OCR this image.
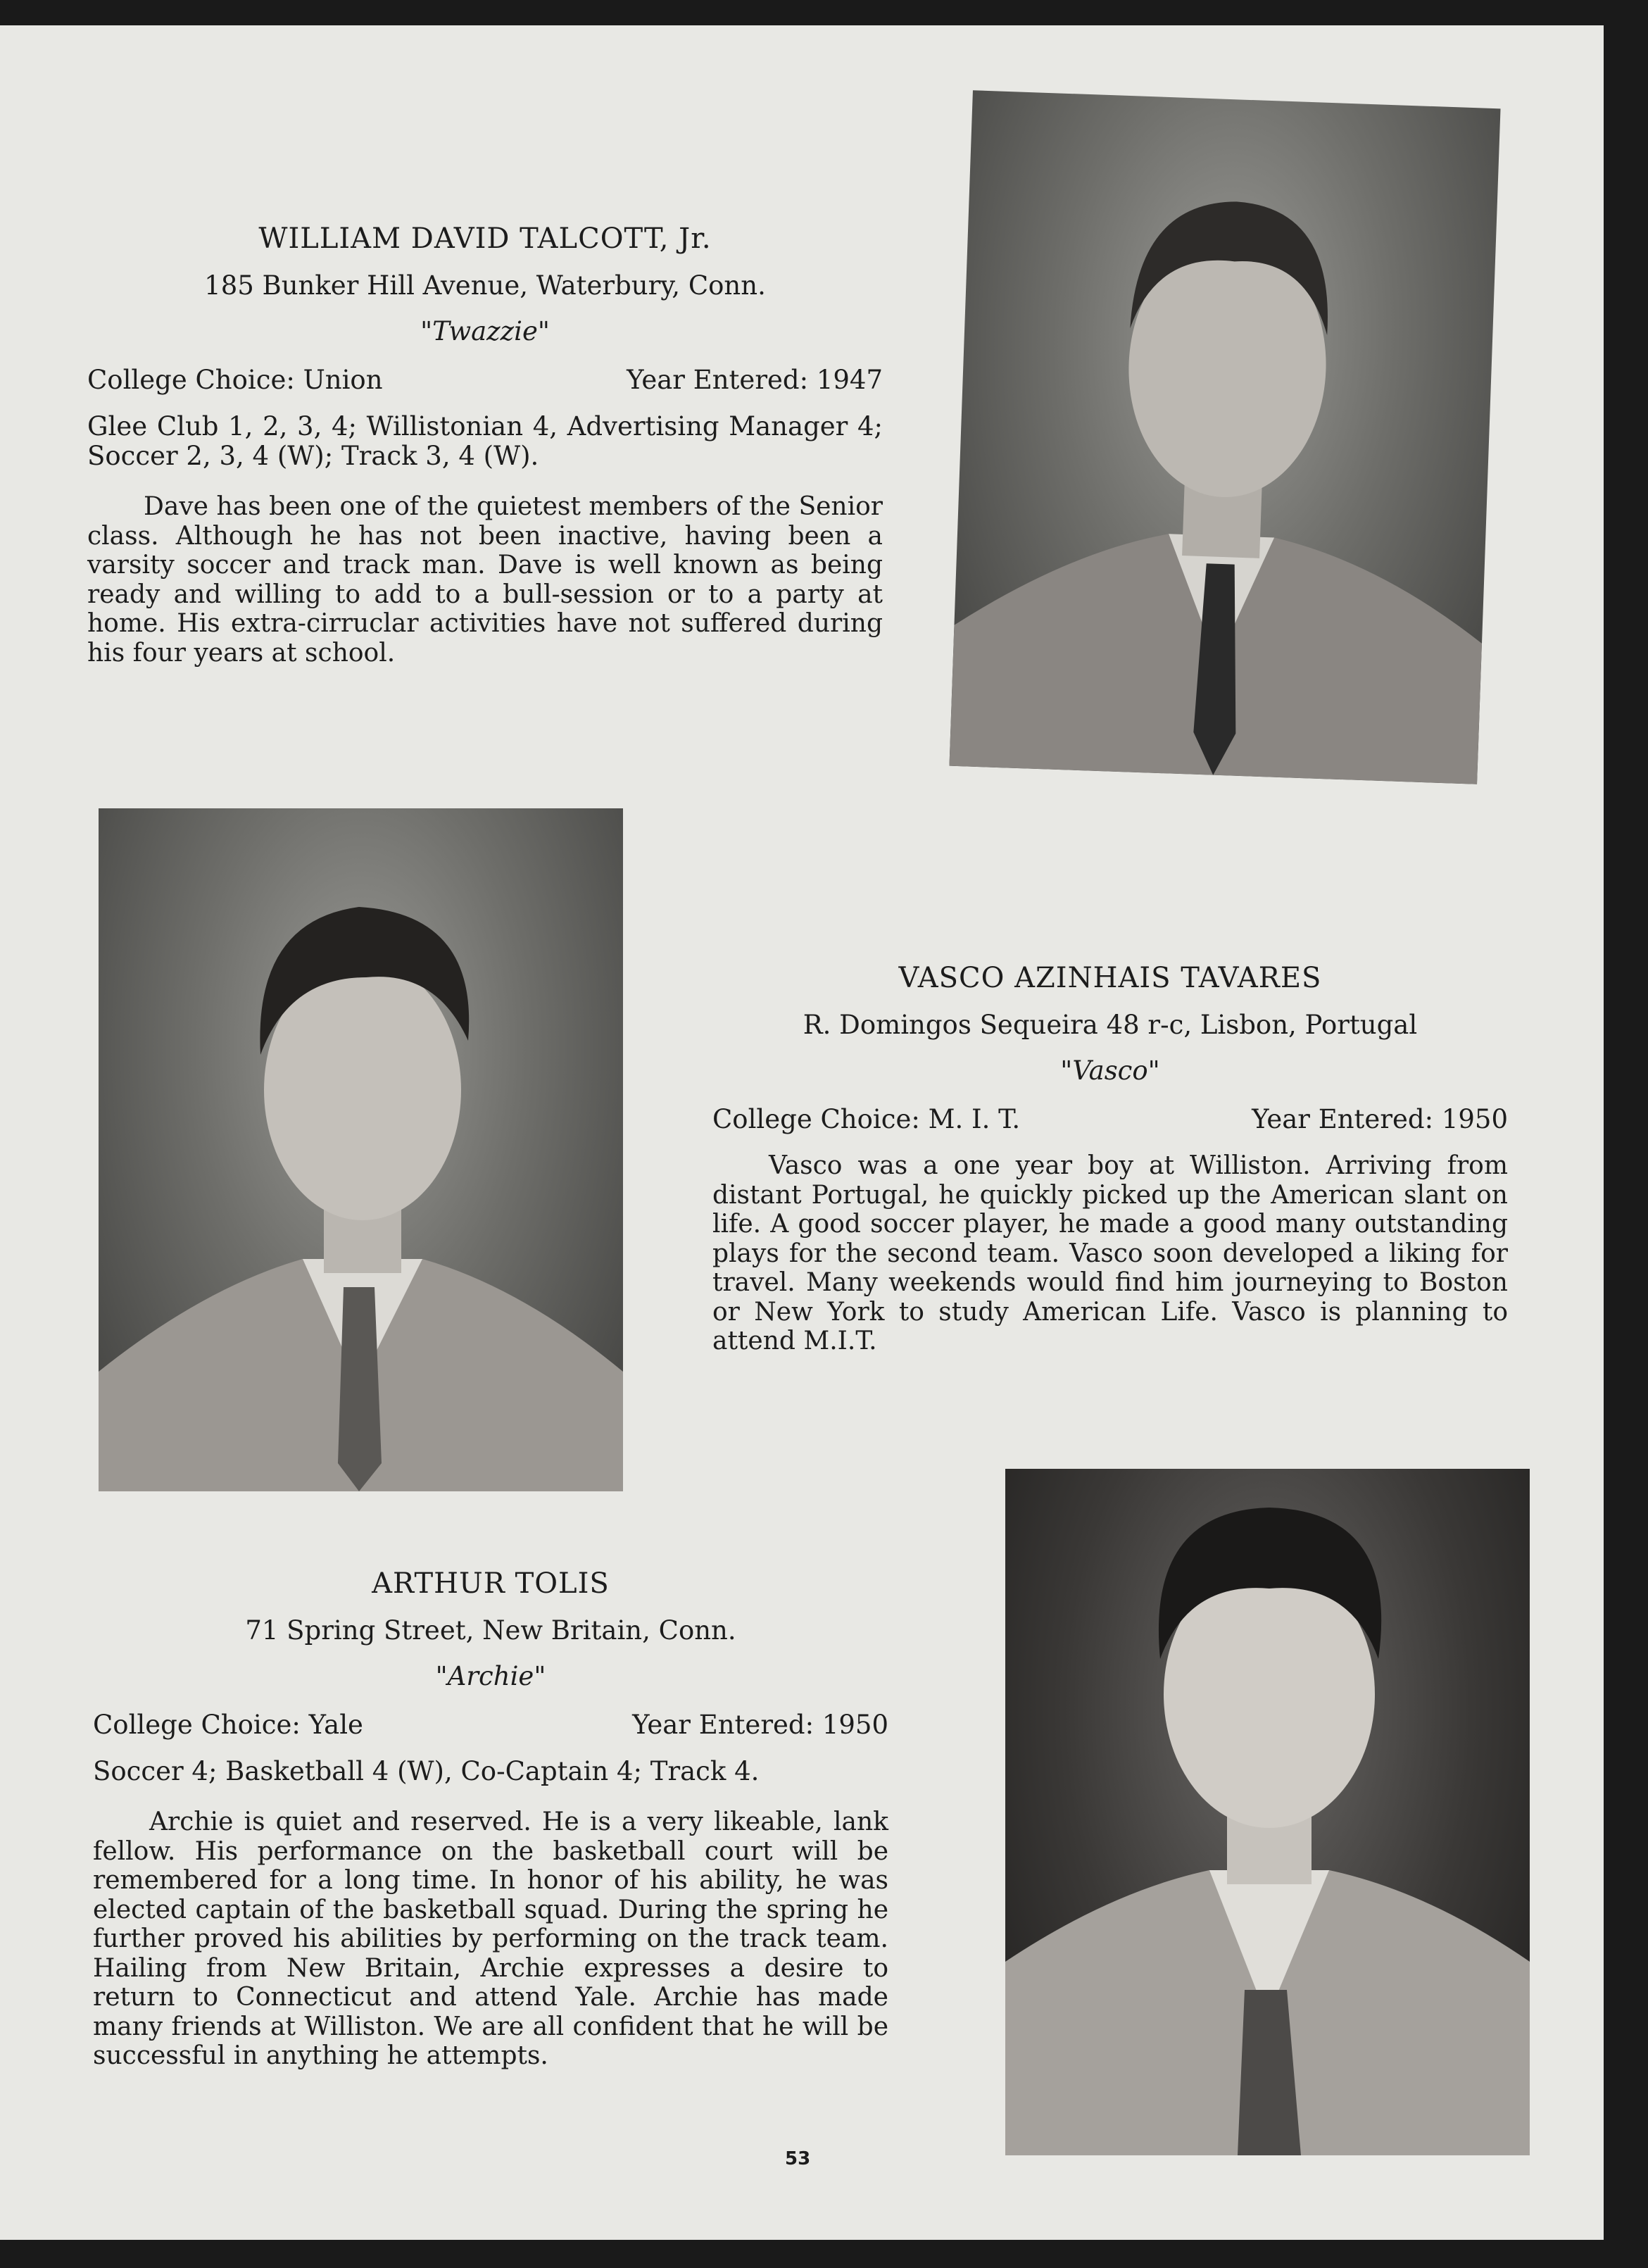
WILLIAM DAVID TALCOTT, Jr.
185 Bunker Hill Avenue, Waterbury, Conn.
"Twazzie"
College Choice: Union	Year Entered: 1947
Glee Club 1, 2, 3, 4; Willistonian 4, Advertising Manager 4; Soccer 2, 3, 4 (W); Track 3, 4 (W).
Dave has been one of the quietest members of the Senior class. Although he has not been inactive, having been a varsity soccer and track man. Dave is well known as being ready and willing to add to a bull-session or to a party at home. His extra-cirruclar activities have not suffered during his four years at school.
VASCO AZINHAIS TAVARES
R. Domingos Sequeira 48 r-c, Lisbon, Portugal
"Vasco"
College Choice: M. I. T.	Year Entered: 1950
Vasco was a one year boy at Williston. Arriving from distant Portugal, he quickly picked up the American slant on life. A good soccer player, he made a good many outstanding plays for the second team. Vasco soon developed a liking for travel. Many weekends would find him journeying to Boston or New York to study American Life. Vasco is planning to attend M.I.T.
ARTHUR TOLIS
71 Spring Street, New Britain, Conn.
"Archie"
College Choice: Yale	Year Entered: 1950
Soccer 4; Basketball 4 (W), Co-Captain 4; Track 4.
Archie is quiet and reserved. He is a very likeable, lank fellow. His performance on the basketball court will be remembered for a long time. In honor of his ability, he was elected captain of the basketball squad. During the spring he further proved his abilities by performing on the track team. Hailing from New Britain, Archie expresses a desire to return to Connecticut and attend Yale. Archie has made many friends at Williston. We are all confident that he will be successful in anything he attempts.
53
